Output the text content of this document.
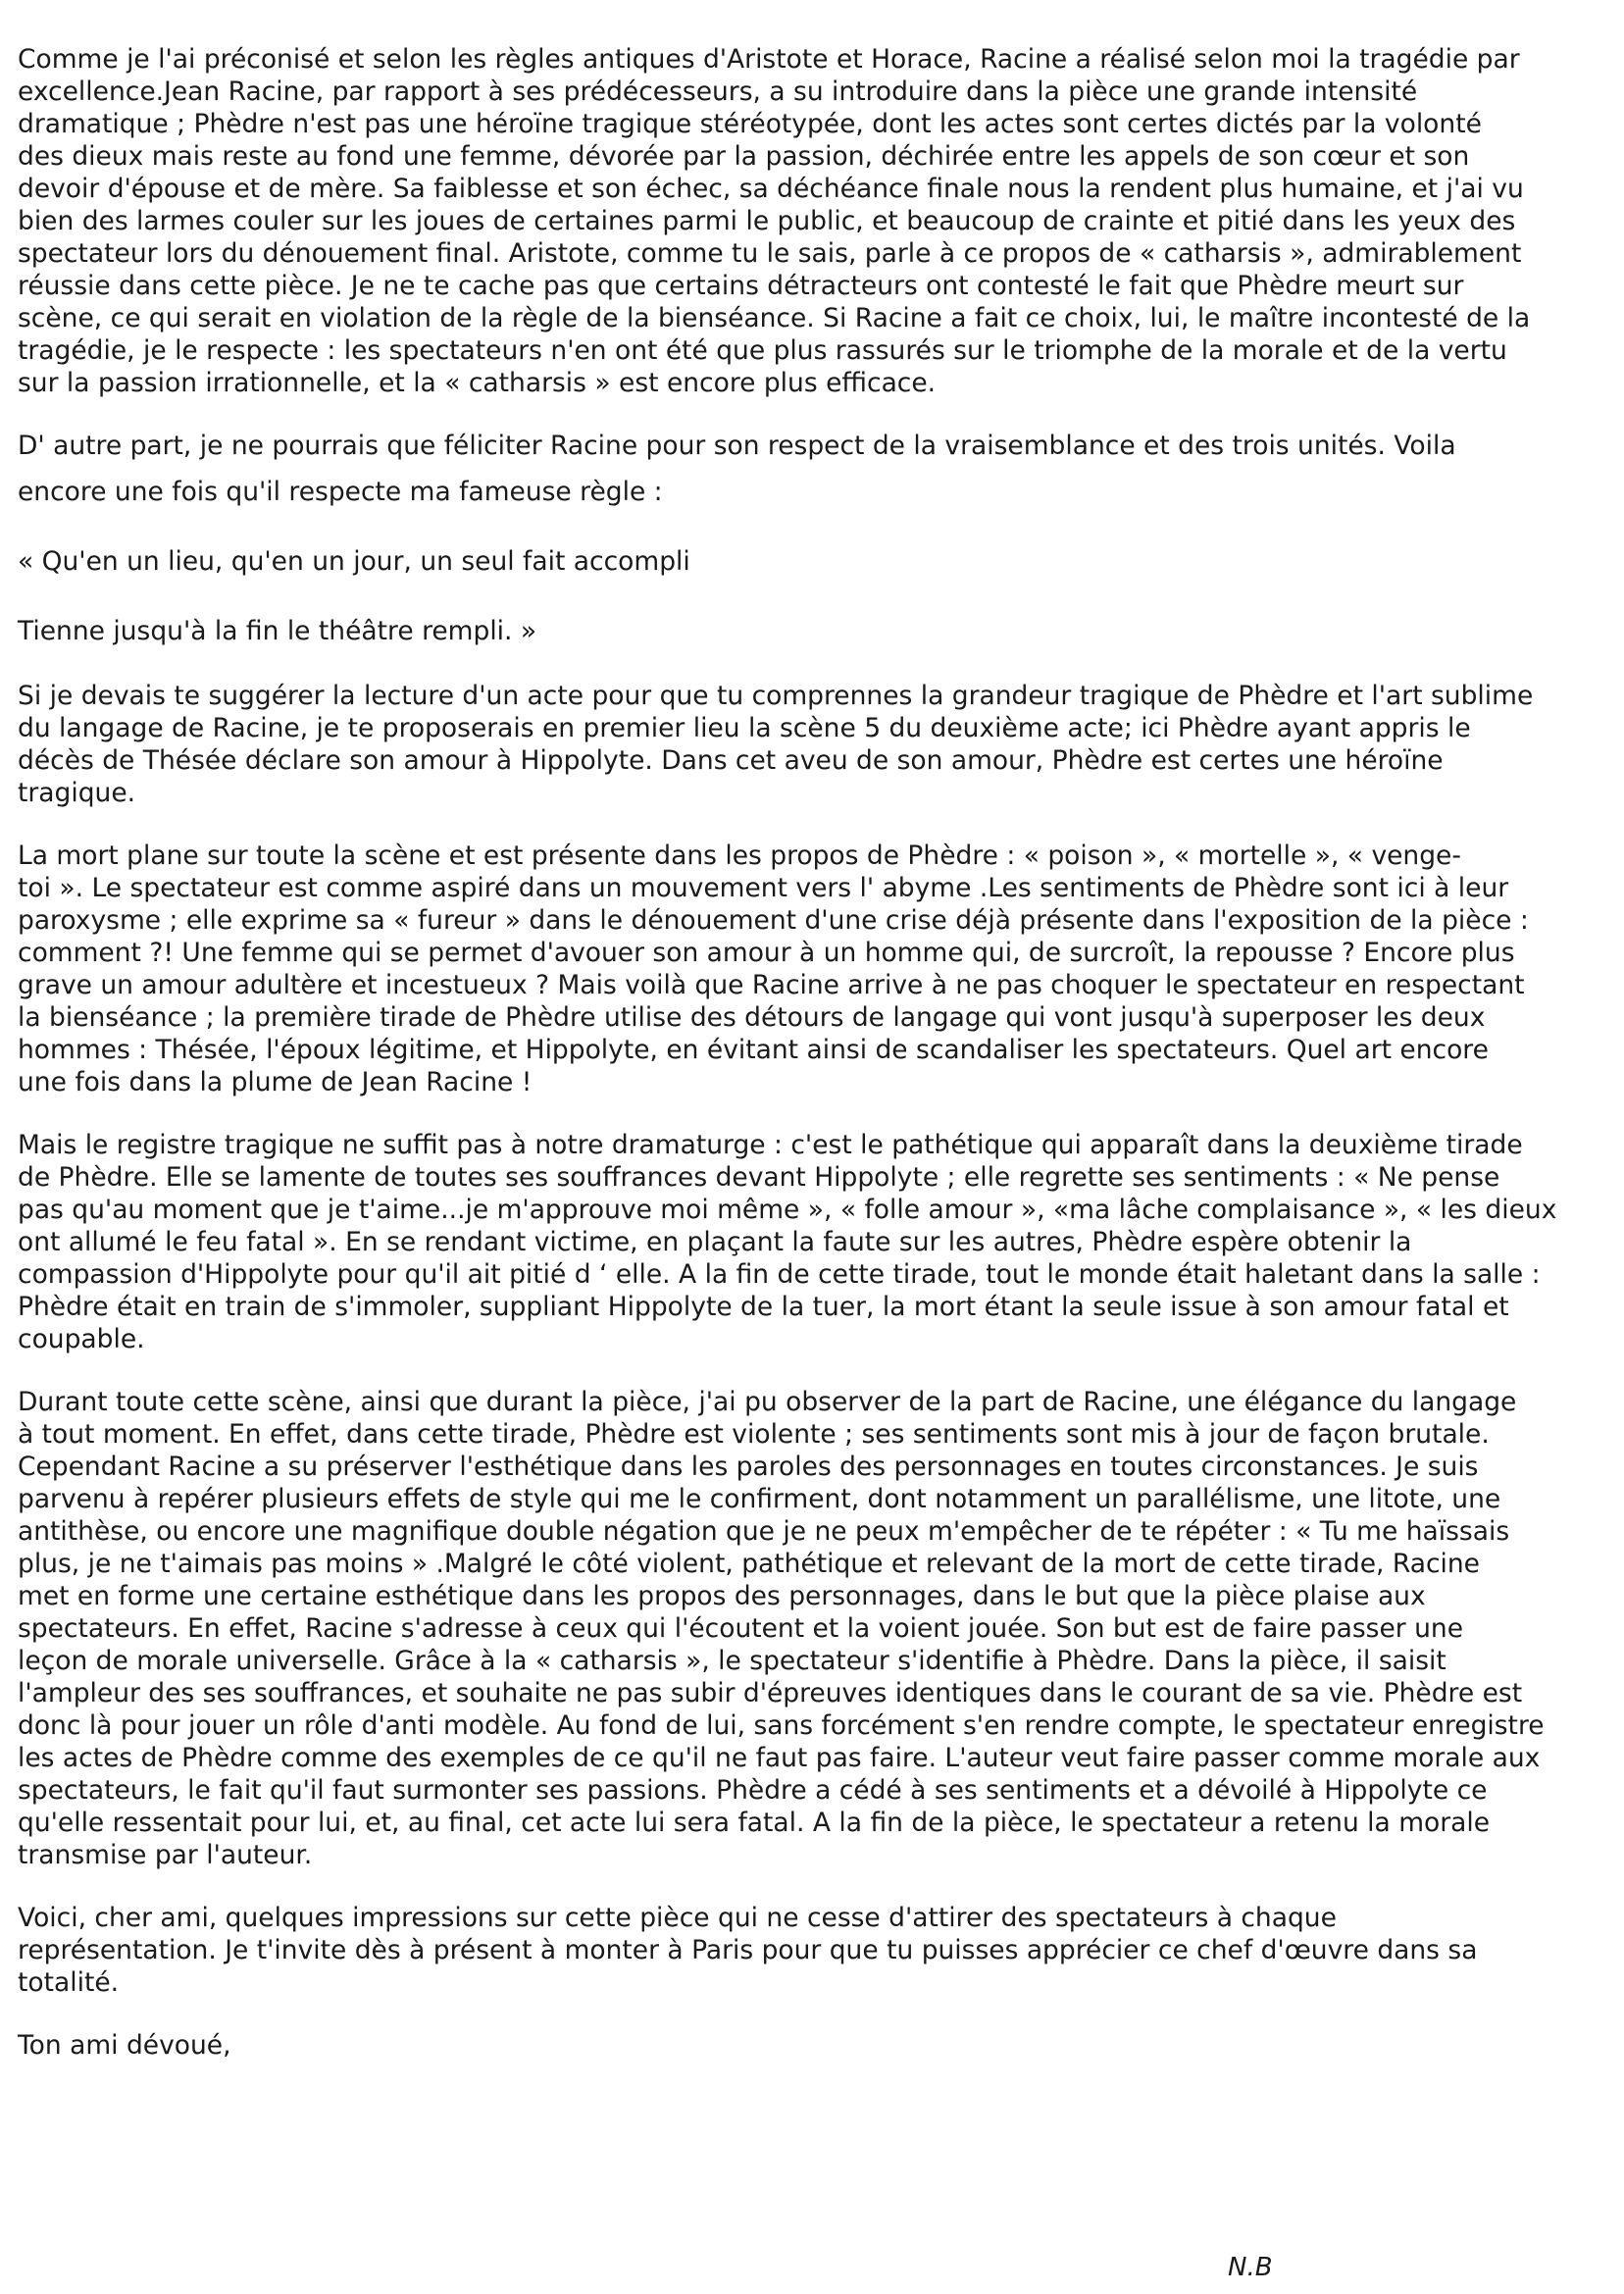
Comme je l'ai préconisé et selon les règles antiques d'Aristote et Horace, Racine a réalisé selon moi la tragédie par
excellence.Jean Racine, par rapport à ses prédécesseurs, a su introduire dans la pièce une grande intensité
dramatique ; Phèdre n'est pas une héroïne tragique stéréotypée, dont les actes sont certes dictés par la volonté
des dieux mais reste au fond une femme, dévorée par la passion, déchirée entre les appels de son cœur et son
devoir d'épouse et de mère. Sa faiblesse et son échec, sa déchéance finale nous la rendent plus humaine, et j'ai vu
bien des larmes couler sur les joues de certaines parmi le public, et beaucoup de crainte et pitié dans les yeux des
spectateur lors du dénouement final. Aristote, comme tu le sais, parle à ce propos de « catharsis », admirablement
réussie dans cette pièce. Je ne te cache pas que certains détracteurs ont contesté le fait que Phèdre meurt sur
scène, ce qui serait en violation de la règle de la bienséance. Si Racine a fait ce choix, lui, le maître incontesté de la
tragédie, je le respecte : les spectateurs n'en ont été que plus rassurés sur le triomphe de la morale et de la vertu
sur la passion irrationnelle, et la « catharsis » est encore plus efficace.
D' autre part, je ne pourrais que féliciter Racine pour son respect de la vraisemblance et des trois unités. Voila
encore une fois qu'il respecte ma fameuse règle :
« Qu'en un lieu, qu'en un jour, un seul fait accompli
Tienne jusqu'à la fin le théâtre rempli. »
Si je devais te suggérer la lecture d'un acte pour que tu comprennes la grandeur tragique de Phèdre et l'art sublime
du langage de Racine, je te proposerais en premier lieu la scène 5 du deuxième acte; ici Phèdre ayant appris le
décès de Thésée déclare son amour à Hippolyte. Dans cet aveu de son amour, Phèdre est certes une héroïne
tragique.
La mort plane sur toute la scène et est présente dans les propos de Phèdre : « poison », « mortelle », « venge-
toi ». Le spectateur est comme aspiré dans un mouvement vers l' abyme .Les sentiments de Phèdre sont ici à leur
paroxysme ; elle exprime sa « fureur » dans le dénouement d'une crise déjà présente dans l'exposition de la pièce :
comment ?! Une femme qui se permet d'avouer son amour à un homme qui, de surcroît, la repousse ? Encore plus
grave un amour adultère et incestueux ? Mais voilà que Racine arrive à ne pas choquer le spectateur en respectant
la bienséance ; la première tirade de Phèdre utilise des détours de langage qui vont jusqu'à superposer les deux
hommes : Thésée, l'époux légitime, et Hippolyte, en évitant ainsi de scandaliser les spectateurs. Quel art encore
une fois dans la plume de Jean Racine !
Mais le registre tragique ne suffit pas à notre dramaturge : c'est le pathétique qui apparaît dans la deuxième tirade
de Phèdre. Elle se lamente de toutes ses souffrances devant Hippolyte ; elle regrette ses sentiments : « Ne pense
pas qu'au moment que je t'aime...je m'approuve moi même », « folle amour », «ma lâche complaisance », « les dieux
ont allumé le feu fatal ». En se rendant victime, en plaçant la faute sur les autres, Phèdre espère obtenir la
compassion d'Hippolyte pour qu'il ait pitié d ‘ elle. A la fin de cette tirade, tout le monde était haletant dans la salle :
Phèdre était en train de s'immoler, suppliant Hippolyte de la tuer, la mort étant la seule issue à son amour fatal et
coupable.
Durant toute cette scène, ainsi que durant la pièce, j'ai pu observer de la part de Racine, une élégance du langage
à tout moment. En effet, dans cette tirade, Phèdre est violente ; ses sentiments sont mis à jour de façon brutale.
Cependant Racine a su préserver l'esthétique dans les paroles des personnages en toutes circonstances. Je suis
parvenu à repérer plusieurs effets de style qui me le confirment, dont notamment un parallélisme, une litote, une
antithèse, ou encore une magnifique double négation que je ne peux m'empêcher de te répéter : « Tu me haïssais
plus, je ne t'aimais pas moins » .Malgré le côté violent, pathétique et relevant de la mort de cette tirade, Racine
met en forme une certaine esthétique dans les propos des personnages, dans le but que la pièce plaise aux
spectateurs. En effet, Racine s'adresse à ceux qui l'écoutent et la voient jouée. Son but est de faire passer une
leçon de morale universelle. Grâce à la « catharsis », le spectateur s'identifie à Phèdre. Dans la pièce, il saisit
l'ampleur des ses souffrances, et souhaite ne pas subir d'épreuves identiques dans le courant de sa vie. Phèdre est
donc là pour jouer un rôle d'anti modèle. Au fond de lui, sans forcément s'en rendre compte, le spectateur enregistre
les actes de Phèdre comme des exemples de ce qu'il ne faut pas faire. L'auteur veut faire passer comme morale aux
spectateurs, le fait qu'il faut surmonter ses passions. Phèdre a cédé à ses sentiments et a dévoilé à Hippolyte ce
qu'elle ressentait pour lui, et, au final, cet acte lui sera fatal. A la fin de la pièce, le spectateur a retenu la morale
transmise par l'auteur.
Voici, cher ami, quelques impressions sur cette pièce qui ne cesse d'attirer des spectateurs à chaque
représentation. Je t'invite dès à présent à monter à Paris pour que tu puisses apprécier ce chef d'œuvre dans sa
totalité.
Ton ami dévoué,
N.B
